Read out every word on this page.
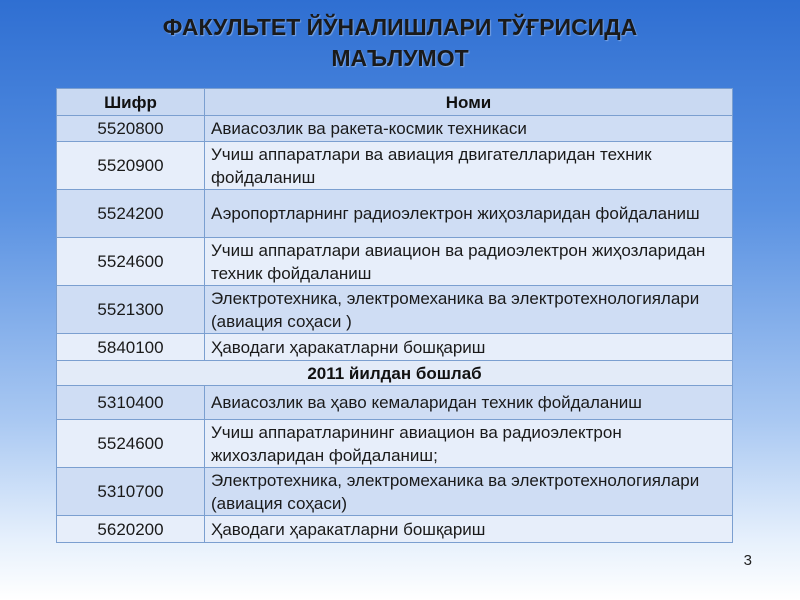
ФАКУЛЬТЕТ ЙЎНАЛИШЛАРИ ТЎҒРИСИДА
МАЪЛУМОТ
Шифр	Номи
5520800	Авиасозлик ва ракета-космик техникаси
5520900	Учиш аппаратлари ва авиация двигателларидан техник фойдаланиш
5524200	Аэропортларнинг радиоэлектрон жиҳозларидан фойдаланиш
5524600	Учиш аппаратлари авиацион ва радиоэлектрон жиҳозларидан техник фойдаланиш
5521300	Электротехника, электромеханика ва электротехнологиялари (авиация соҳаси )
5840100	Ҳаводаги ҳаракатларни бошқариш
2011 йилдан бошлаб	
5310400	Авиасозлик ва ҳаво кемаларидан техник фойдаланиш
5524600	Учиш аппаратларининг авиацион ва радиоэлектрон жихозларидан фойдаланиш;
5310700	Электротехника, электромеханика ва электротехнологиялари (авиация соҳаси)
5620200	Ҳаводаги ҳаракатларни бошқариш
3
